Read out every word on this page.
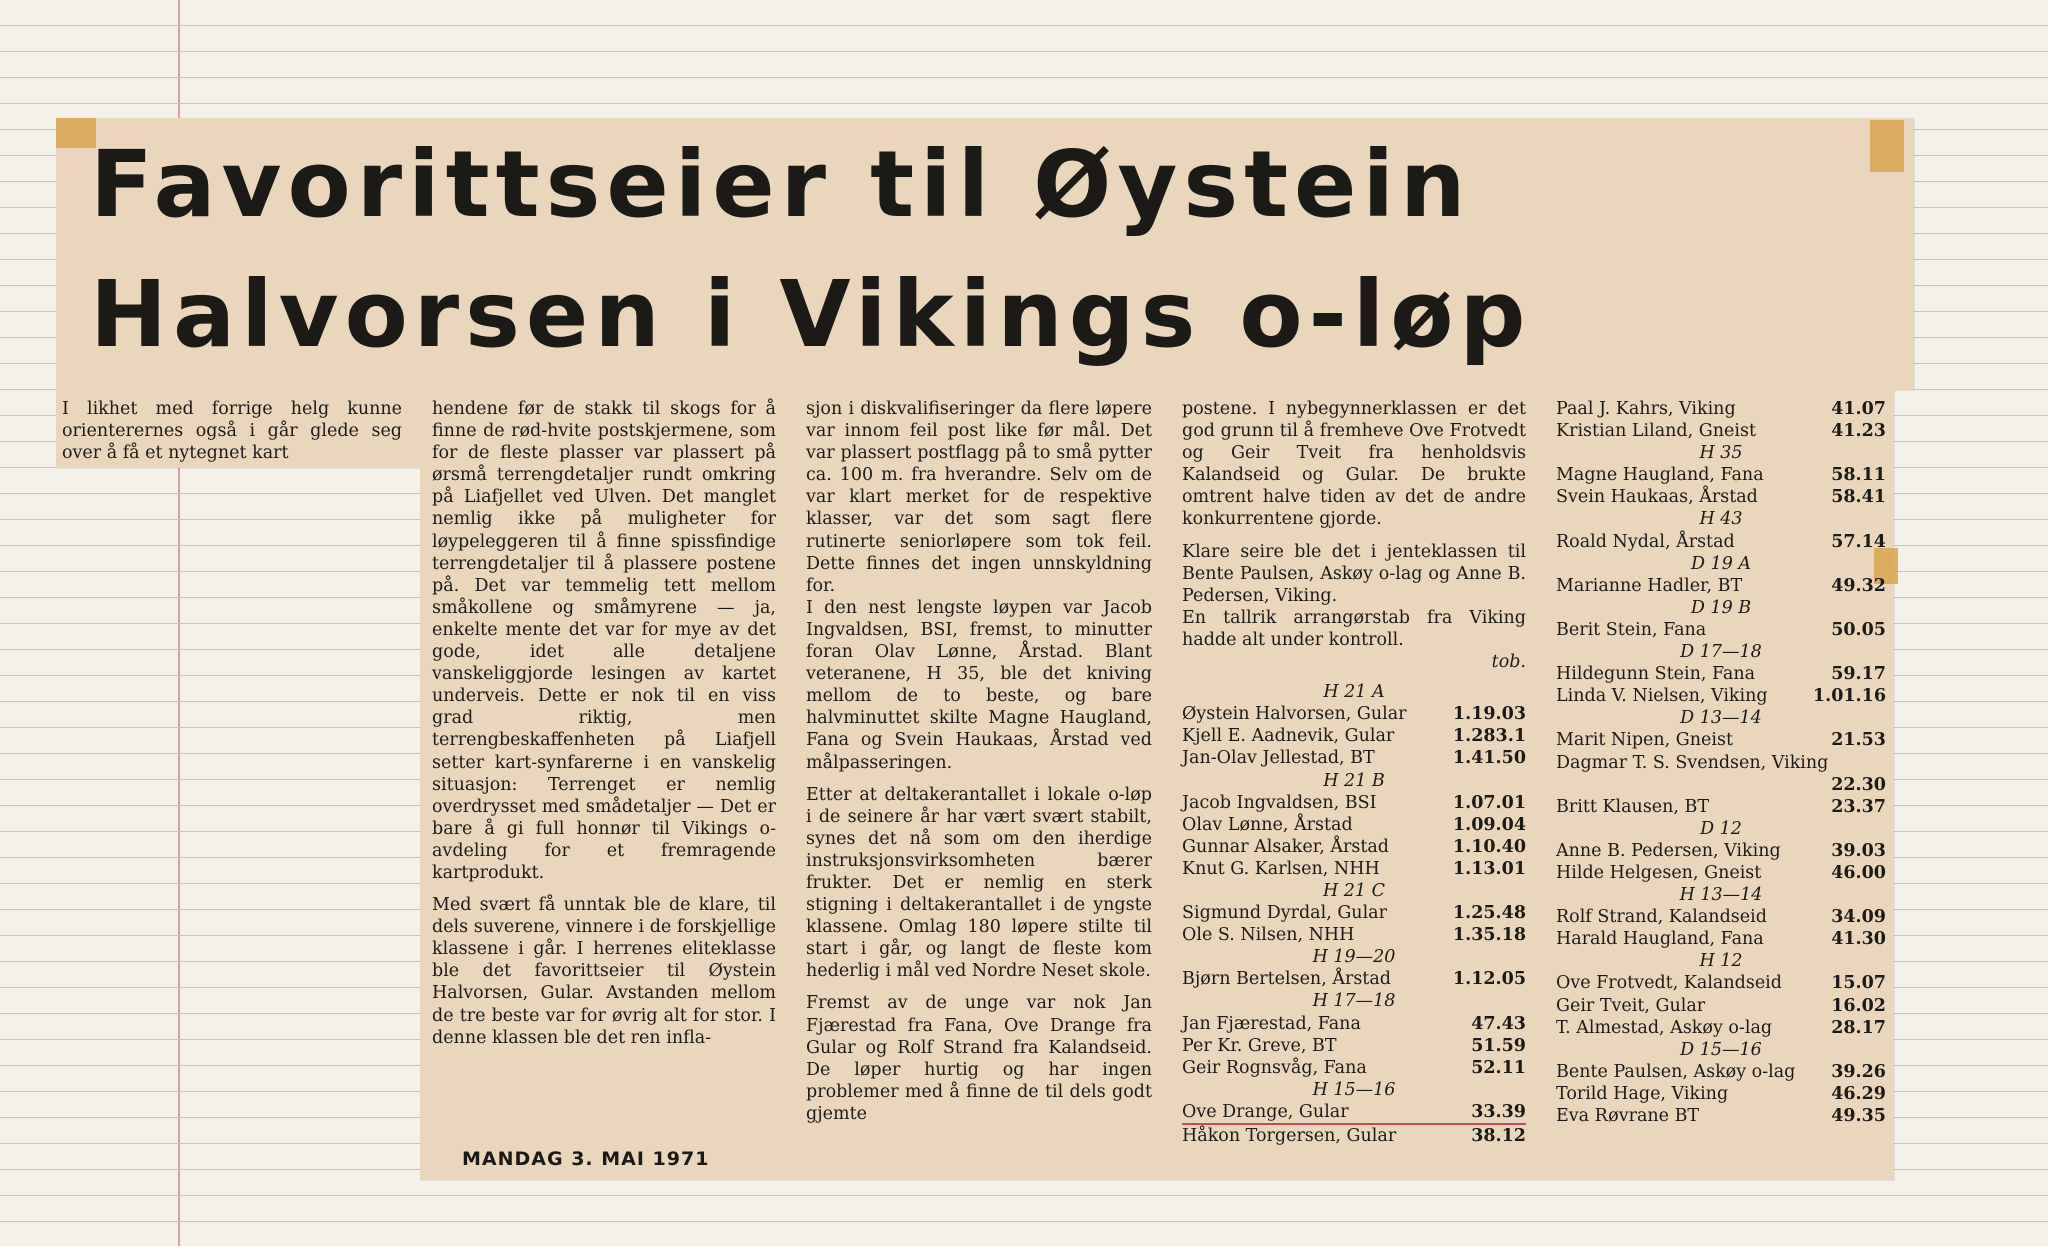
Favorittseier til Øystein
Halvorsen i Vikings o-løp

I likhet med forrige helg kunne orienterernes også i går glede seg over å få et nytegnet kart

hendene før de stakk til skogs for å finne de rød-hvite postskjermene, som for de fleste plasser var plassert på ørsmå terrengdetaljer rundt omkring på Liafjellet ved Ulven. Det manglet nemlig ikke på muligheter for løypeleggeren til å finne spissfindige terrengdetaljer til å plassere postene på. Det var temmelig tett mellom småkollene og småmyrene — ja, enkelte mente det var for mye av det gode, idet alle detaljene vanskeliggjorde lesingen av kartet underveis. Dette er nok til en viss grad riktig, men terrengbeskaffenheten på Liafjell setter kart-synfarerne i en vanskelig situasjon: Terrenget er nemlig overdrysset med smådetaljer — Det er bare å gi full honnør til Vikings o-avdeling for et fremragende kartprodukt.

Med svært få unntak ble de klare, til dels suverene, vinnere i de forskjellige klassene i går. I herrenes eliteklasse ble det favorittseier til Øystein Halvorsen, Gular. Avstanden mellom de tre beste var for øvrig alt for stor. I denne klassen ble det ren infla-

sjon i diskvalifiseringer da flere løpere var innom feil post like før mål. Det var plassert postflagg på to små pytter ca. 100 m. fra hverandre. Selv om de var klart merket for de respektive klasser, var det som sagt flere rutinerte seniorløpere som tok feil. Dette finnes det ingen unnskyldning for.

I den nest lengste løypen var Jacob Ingvaldsen, BSI, fremst, to minutter foran Olav Lønne, Årstad. Blant veteranene, H 35, ble det kniving mellom de to beste, og bare halvminuttet skilte Magne Haugland, Fana og Svein Haukaas, Årstad ved målpasseringen.

Etter at deltakerantallet i lokale o-løp i de seinere år har vært svært stabilt, synes det nå som om den iherdige instruksjonsvirksomheten bærer frukter. Det er nemlig en sterk stigning i deltakerantallet i de yngste klassene. Omlag 180 løpere stilte til start i går, og langt de fleste kom hederlig i mål ved Nordre Neset skole.

Fremst av de unge var nok Jan Fjærestad fra Fana, Ove Drange fra Gular og Rolf Strand fra Kalandseid. De løper hurtig og har ingen problemer med å finne de til dels godt gjemte

postene. I nybegynnerklassen er det god grunn til å fremheve Ove Frotvedt og Geir Tveit fra henholdsvis Kalandseid og Gular. De brukte omtrent halve tiden av det de andre konkurrentene gjorde.

Klare seire ble det i jenteklassen til Bente Paulsen, Askøy o-lag og Anne B. Pedersen, Viking.

En tallrik arrangørstab fra Viking hadde alt under kontroll.

tob.
H 21 A
Øystein Halvorsen, Gular	1.19.03
Kjell E. Aadnevik, Gular	1.283.1
Jan-Olav Jellestad, BT	1.41.50
H 21 B
Jacob Ingvaldsen, BSI	1.07.01
Olav Lønne, Årstad	1.09.04
Gunnar Alsaker, Årstad	1.10.40
Knut G. Karlsen, NHH	1.13.01
H 21 C
Sigmund Dyrdal, Gular	1.25.48
Ole S. Nilsen, NHH	1.35.18
H 19—20
Bjørn Bertelsen, Årstad	1.12.05
H 17—18
Jan Fjærestad, Fana	47.43
Per Kr. Greve, BT	51.59
Geir Rognsvåg, Fana	52.11
H 15—16
Ove Drange, Gular	33.39
Håkon Torgersen, Gular	38.12
Paal J. Kahrs, Viking	41.07
Kristian Liland, Gneist	41.23
H 35
Magne Haugland, Fana	58.11
Svein Haukaas, Årstad	58.41
H 43
Roald Nydal, Årstad	57.14
D 19 A
Marianne Hadler, BT	49.32
D 19 B
Berit Stein, Fana	50.05
D 17—18
Hildegunn Stein, Fana	59.17
Linda V. Nielsen, Viking	1.01.16
D 13—14
Marit Nipen, Gneist	21.53
Dagmar T. S. Svendsen, Viking
22.30
Britt Klausen, BT	23.37
D 12
Anne B. Pedersen, Viking	39.03
Hilde Helgesen, Gneist	46.00
H 13—14
Rolf Strand, Kalandseid	34.09
Harald Haugland, Fana	41.30
H 12
Ove Frotvedt, Kalandseid	15.07
Geir Tveit, Gular	16.02
T. Almestad, Askøy o-lag	28.17
D 15—16
Bente Paulsen, Askøy o-lag 39.26
Torild Hage, Viking	46.29
Eva Røvrane BT	49.35
MANDAG 3. MAI 1971
